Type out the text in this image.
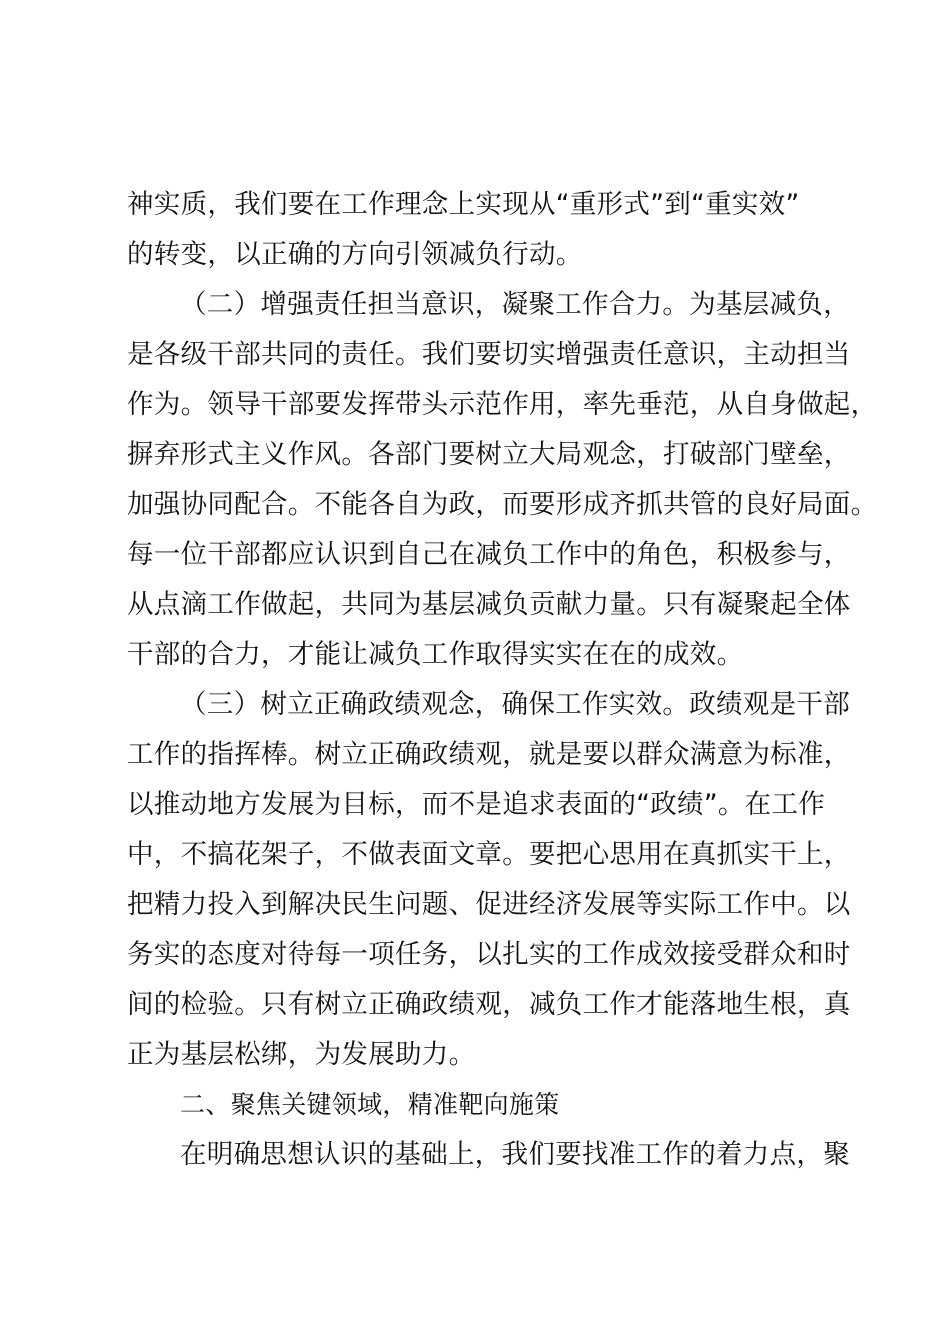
神实质，我们要在工作理念上实现从“重形式”到“重实效”

的转变，以正确的方向引领减负行动。

（二）增强责任担当意识，凝聚工作合力。为基层减负，

是各级干部共同的责任。我们要切实增强责任意识，主动担当

作为。领导干部要发挥带头示范作用，率先垂范，从自身做起，

摒弃形式主义作风。各部门要树立大局观念，打破部门壁垒，

加强协同配合。不能各自为政，而要形成齐抓共管的良好局面。

每一位干部都应认识到自己在减负工作中的角色，积极参与，

从点滴工作做起，共同为基层减负贡献力量。只有凝聚起全体

干部的合力，才能让减负工作取得实实在在的成效。

（三）树立正确政绩观念，确保工作实效。政绩观是干部

工作的指挥棒。树立正确政绩观，就是要以群众满意为标准，

以推动地方发展为目标，而不是追求表面的“政绩”。在工作

中，不搞花架子，不做表面文章。要把心思用在真抓实干上，

把精力投入到解决民生问题、促进经济发展等实际工作中。以

务实的态度对待每一项任务，以扎实的工作成效接受群众和时

间的检验。只有树立正确政绩观，减负工作才能落地生根，真

正为基层松绑，为发展助力。

二、聚焦关键领域，精准靶向施策

在明确思想认识的基础上，我们要找准工作的着力点，聚
